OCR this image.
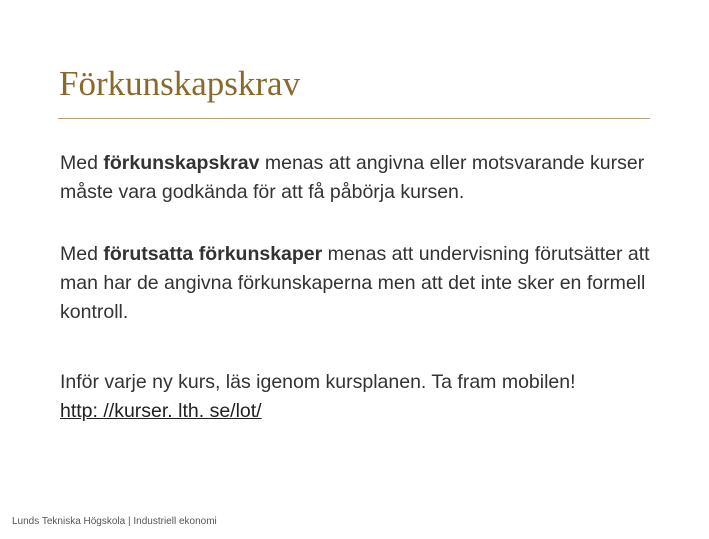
Förkunskapskrav
Med förkunskapskrav menas att angivna eller motsvarande kurser måste vara godkända för att få påbörja kursen.
Med förutsatta förkunskaper menas att undervisning förutsätter att man har de angivna förkunskaperna men att det inte sker en formell kontroll.
Inför varje ny kurs, läs igenom kursplanen. Ta fram mobilen!
http: //kurser. lth. se/lot/
Lunds Tekniska Högskola | Industriell ekonomi
